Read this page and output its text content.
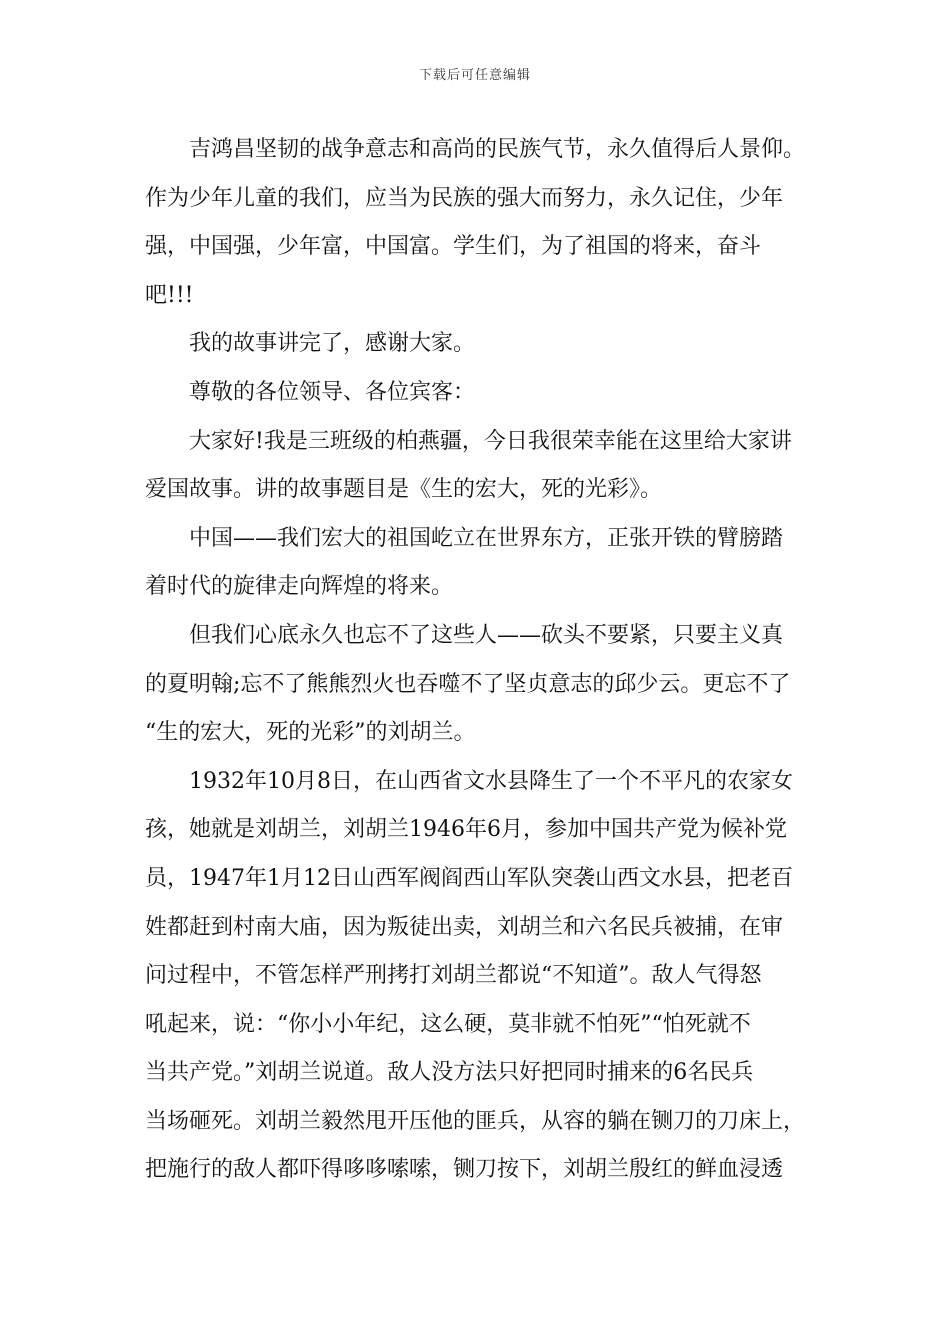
下载后可任意编辑
吉鸿昌坚韧的战争意志和高尚的民族气节，永久值得后人景仰。
作为少年儿童的我们，应当为民族的强大而努力，永久记住，少年
强，中国强，少年富，中国富。学生们，为了祖国的将来，奋斗
吧!!!
我的故事讲完了，感谢大家。
尊敬的各位领导、各位宾客：
大家好!我是三班级的柏燕疆，今日我很荣幸能在这里给大家讲
爱国故事。讲的故事题目是《生的宏大，死的光彩》。
中国——我们宏大的祖国屹立在世界东方，正张开铁的臂膀踏
着时代的旋律走向辉煌的将来。
但我们心底永久也忘不了这些人——砍头不要紧，只要主义真
的夏明翰;忘不了熊熊烈火也吞噬不了坚贞意志的邱少云。更忘不了
“生的宏大，死的光彩”的刘胡兰。
1932年10月8日，在山西省文水县降生了一个不平凡的农家女
孩，她就是刘胡兰，刘胡兰1946年6月，参加中国共产党为候补党
员，1947年1月12日山西军阀阎西山军队突袭山西文水县，把老百
姓都赶到村南大庙，因为叛徒出卖，刘胡兰和六名民兵被捕，在审
问过程中，不管怎样严刑拷打刘胡兰都说“不知道”。敌人气得怒
吼起来，说：“你小小年纪，这么硬，莫非就不怕死”“怕死就不
当共产党。”刘胡兰说道。敌人没方法只好把同时捕来的6名民兵
当场砸死。刘胡兰毅然甩开压他的匪兵，从容的躺在铡刀的刀床上，
把施行的敌人都吓得哆哆嗦嗦，铡刀按下，刘胡兰殷红的鲜血浸透
